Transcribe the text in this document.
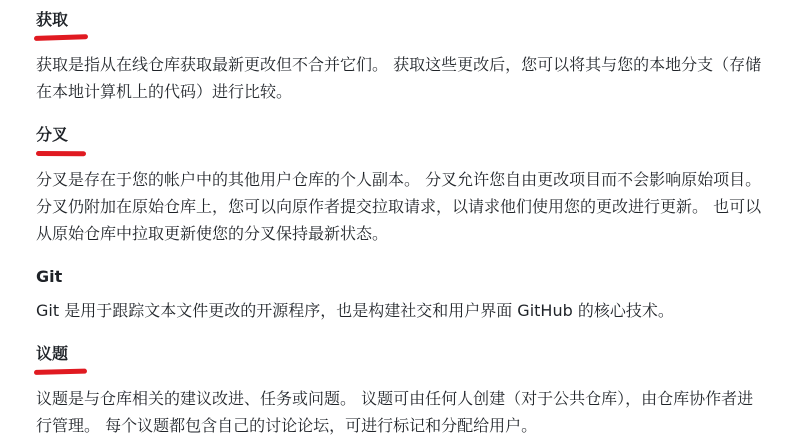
获取

获取是指从在线仓库获取最新更改但不合并它们。 获取这些更改后，您可以将其与您的本地分支（存储在本地计算机上的代码）进行比较。

分叉

分叉是存在于您的帐户中的其他用户仓库的个人副本。 分叉允许您自由更改项目而不会影响原始项目。 分叉仍附加在原始仓库上，您可以向原作者提交拉取请求，以请求他们使用您的更改进行更新。 也可以从原始仓库中拉取更新使您的分叉保持最新状态。

Git

Git 是用于跟踪文本文件更改的开源程序，也是构建社交和用户界面 GitHub 的核心技术。

议题

议题是与仓库相关的建议改进、任务或问题。 议题可由任何人创建（对于公共仓库），由仓库协作者进行管理。 每个议题都包含自己的讨论论坛，可进行标记和分配给用户。
